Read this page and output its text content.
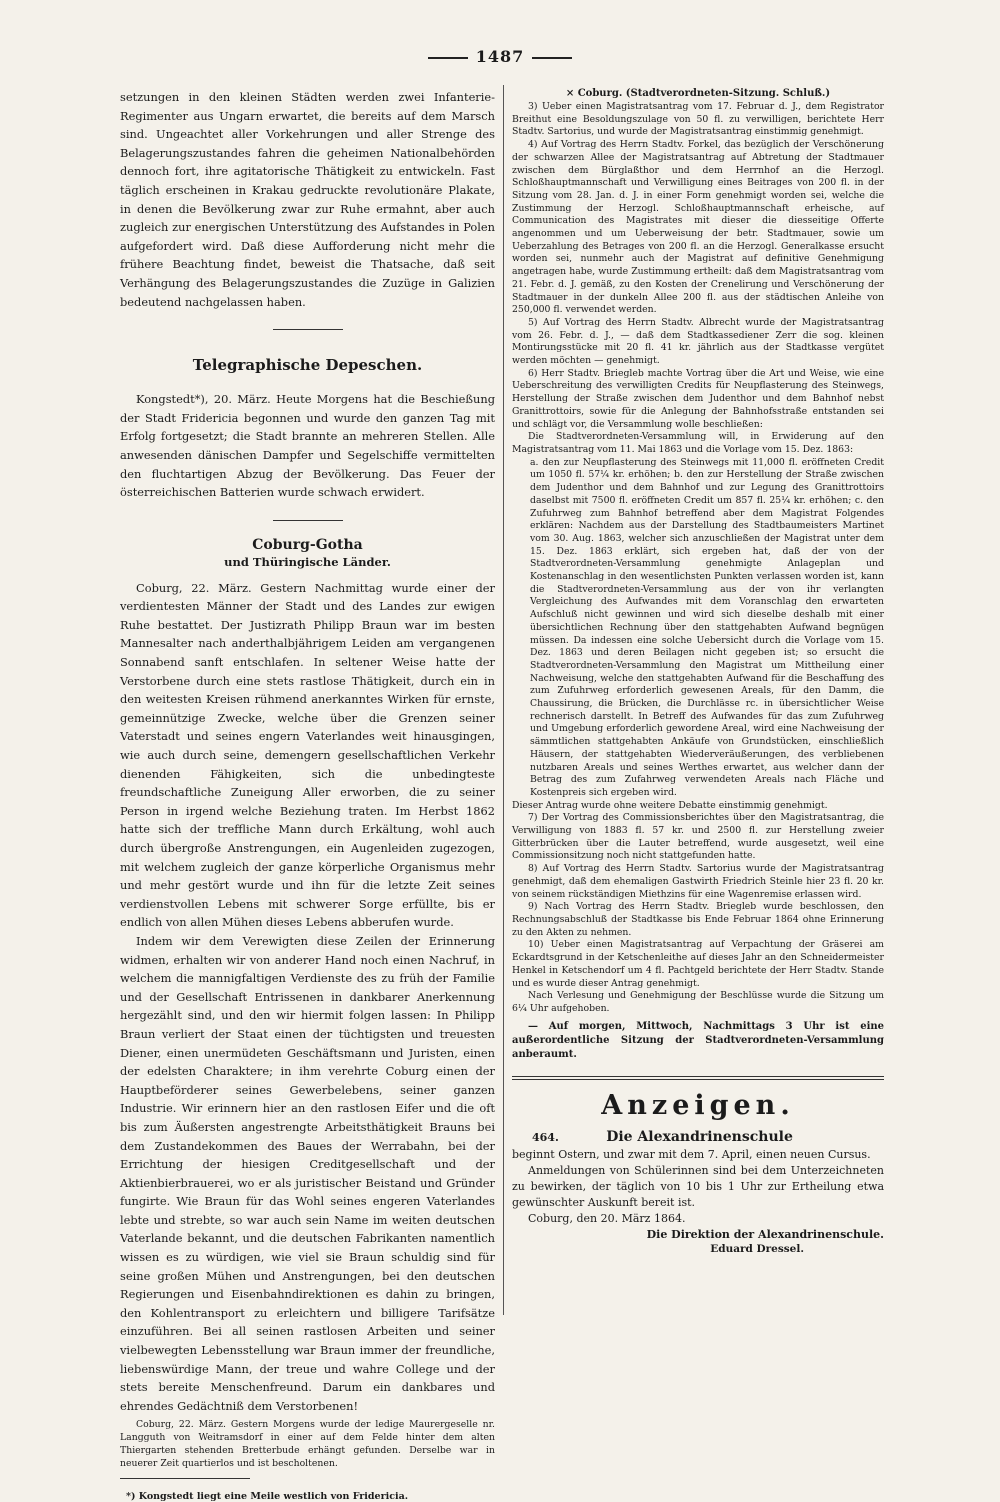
1487

setzungen in den kleinen Städten werden zwei Infanterie-Regimenter aus Ungarn erwartet, die bereits auf dem Marsch sind. Ungeachtet aller Vorkehrungen und aller Strenge des Belagerungszustandes fahren die geheimen Nationalbehörden dennoch fort, ihre agitatorische Thätigkeit zu entwickeln. Fast täglich erscheinen in Krakau gedruckte revolutionäre Plakate, in denen die Bevölkerung zwar zur Ruhe ermahnt, aber auch zugleich zur energischen Unterstützung des Aufstandes in Polen aufgefordert wird. Daß diese Aufforderung nicht mehr die frühere Beachtung findet, beweist die Thatsache, daß seit Verhängung des Belagerungszustandes die Zuzüge in Galizien bedeutend nachgelassen haben.

Telegraphische Depeschen.

Kongstedt*), 20. März. Heute Morgens hat die Beschießung der Stadt Fridericia begonnen und wurde den ganzen Tag mit Erfolg fortgesetzt; die Stadt brannte an mehreren Stellen. Alle anwesenden dänischen Dampfer und Segelschiffe vermittelten den fluchtartigen Abzug der Bevölkerung. Das Feuer der österreichischen Batterien wurde schwach erwidert.

Coburg-Gotha
und Thüringische Länder.

Coburg, 22. März. Gestern Nachmittag wurde einer der verdientesten Männer der Stadt und des Landes zur ewigen Ruhe bestattet. Der Justizrath Philipp Braun war im besten Mannesalter nach anderthalbjährigem Leiden am vergangenen Sonnabend sanft entschlafen. In seltener Weise hatte der Verstorbene durch eine stets rastlose Thätigkeit, durch ein in den weitesten Kreisen rühmend anerkanntes Wirken für ernste, gemeinnützige Zwecke, welche über die Grenzen seiner Vaterstadt und seines engern Vaterlandes weit hinausgingen, wie auch durch seine, demengern gesellschaftlichen Verkehr dienenden Fähigkeiten, sich die unbedingteste freundschaftliche Zuneigung Aller erworben, die zu seiner Person in irgend welche Beziehung traten. Im Herbst 1862 hatte sich der treffliche Mann durch Erkältung, wohl auch durch übergroße Anstrengungen, ein Augenleiden zugezogen, mit welchem zugleich der ganze körperliche Organismus mehr und mehr gestört wurde und ihn für die letzte Zeit seines verdienstvollen Lebens mit schwerer Sorge erfüllte, bis er endlich von allen Mühen dieses Lebens abberufen wurde.

Indem wir dem Verewigten diese Zeilen der Erinnerung widmen, erhalten wir von anderer Hand noch einen Nachruf, in welchem die mannigfaltigen Verdienste des zu früh der Familie und der Gesellschaft Entrissenen in dankbarer Anerkennung hergezählt sind, und den wir hiermit folgen lassen: In Philipp Braun verliert der Staat einen der tüchtigsten und treuesten Diener, einen unermüdeten Geschäftsmann und Juristen, einen der edelsten Charaktere; in ihm verehrte Coburg einen der Hauptbeförderer seines Gewerbelebens, seiner ganzen Industrie. Wir erinnern hier an den rastlosen Eifer und die oft bis zum Äußersten angestrengte Arbeitsthätigkeit Brauns bei dem Zustandekommen des Baues der Werrabahn, bei der Errichtung der hiesigen Creditgesellschaft und der Aktienbierbrauerei, wo er als juristischer Beistand und Gründer fungirte. Wie Braun für das Wohl seines engeren Vaterlandes lebte und strebte, so war auch sein Name im weiten deutschen Vaterlande bekannt, und die deutschen Fabrikanten namentlich wissen es zu würdigen, wie viel sie Braun schuldig sind für seine großen Mühen und Anstrengungen, bei den deutschen Regierungen und Eisenbahndirektionen es dahin zu bringen, den Kohlentransport zu erleichtern und billigere Tarifsätze einzuführen. Bei all seinen rastlosen Arbeiten und seiner vielbewegten Lebensstellung war Braun immer der freundliche, liebenswürdige Mann, der treue und wahre College und der stets bereite Menschenfreund. Darum ein dankbares und ehrendes Gedächtniß dem Verstorbenen!

Coburg, 22. März. Gestern Morgens wurde der ledige Maurergeselle nr. Langguth von Weitramsdorf in einer auf dem Felde hinter dem alten Thiergarten stehenden Bretterbude erhängt gefunden. Derselbe war in neuerer Zeit quartierlos und ist bescholtenen.

*) Kongstedt liegt eine Meile westlich von Fridericia.
× Coburg. (Stadtverordneten-Sitzung. Schluß.)

3) Ueber einen Magistratsantrag vom 17. Februar d. J., dem Registrator Breithut eine Besoldungszulage von 50 fl. zu verwilligen, berichtete Herr Stadtv. Sartorius, und wurde der Magistratsantrag einstimmig genehmigt.

4) Auf Vortrag des Herrn Stadtv. Forkel, das bezüglich der Verschönerung der schwarzen Allee der Magistratsantrag auf Abtretung der Stadtmauer zwischen dem Bürglaßthor und dem Herrnhof an die Herzogl. Schloßhauptmannschaft und Verwilligung eines Beitrages von 200 fl. in der Sitzung vom 28. Jan. d. J. in einer Form genehmigt worden sei, welche die Zustimmung der Herzogl. Schloßhauptmannschaft erheische, auf Communication des Magistrates mit dieser die diesseitige Offerte angenommen und um Ueberweisung der betr. Stadtmauer, sowie um Ueberzahlung des Betrages von 200 fl. an die Herzogl. Generalkasse ersucht worden sei, nunmehr auch der Magistrat auf definitive Genehmigung angetragen habe, wurde Zustimmung ertheilt: daß dem Magistratsantrag vom 21. Febr. d. J. gemäß, zu den Kosten der Crenelirung und Verschönerung der Stadtmauer in der dunkeln Allee 200 fl. aus der städtischen Anleihe von 250,000 fl. verwendet werden.

5) Auf Vortrag des Herrn Stadtv. Albrecht wurde der Magistratsantrag vom 26. Febr. d. J., — daß dem Stadtkassediener Zerr die sog. kleinen Montirungsstücke mit 20 fl. 41 kr. jährlich aus der Stadtkasse vergütet werden möchten — genehmigt.

6) Herr Stadtv. Briegleb machte Vortrag über die Art und Weise, wie eine Ueberschreitung des verwilligten Credits für Neupflasterung des Steinwegs, Herstellung der Straße zwischen dem Judenthor und dem Bahnhof nebst Granittrottoirs, sowie für die Anlegung der Bahnhofsstraße entstanden sei und schlägt vor, die Versammlung wolle beschließen:

Die Stadtverordneten-Versammlung will, in Erwiderung auf den Magistratsantrag vom 11. Mai 1863 und die Vorlage vom 15. Dez. 1863:

a. den zur Neupflasterung des Steinwegs mit 11,000 fl. eröffneten Credit um 1050 fl. 57¼ kr. erhöhen; b. den zur Herstellung der Straße zwischen dem Judenthor und dem Bahnhof und zur Legung des Granittrottoirs daselbst mit 7500 fl. eröffneten Credit um 857 fl. 25¼ kr. erhöhen; c. den Zufuhrweg zum Bahnhof betreffend aber dem Magistrat Folgendes erklären: Nachdem aus der Darstellung des Stadtbaumeisters Martinet vom 30. Aug. 1863, welcher sich anzuschließen der Magistrat unter dem 15. Dez. 1863 erklärt, sich ergeben hat, daß der von der Stadtverordneten-Versammlung genehmigte Anlageplan und Kostenanschlag in den wesentlichsten Punkten verlassen worden ist, kann die Stadtverordneten-Versammlung aus der von ihr verlangten Vergleichung des Aufwandes mit dem Voranschlag den erwarteten Aufschluß nicht gewinnen und wird sich dieselbe deshalb mit einer übersichtlichen Rechnung über den stattgehabten Aufwand begnügen müssen. Da indessen eine solche Uebersicht durch die Vorlage vom 15. Dez. 1863 und deren Beilagen nicht gegeben ist; so ersucht die Stadtverordneten-Versammlung den Magistrat um Mittheilung einer Nachweisung, welche den stattgehabten Aufwand für die Beschaffung des zum Zufuhrweg erforderlich gewesenen Areals, für den Damm, die Chaussirung, die Brücken, die Durchlässe rc. in übersichtlicher Weise rechnerisch darstellt. In Betreff des Aufwandes für das zum Zufuhrweg und Umgebung erforderlich gewordene Areal, wird eine Nachweisung der sämmtlichen stattgehabten Ankäufe von Grundstücken, einschließlich Häusern, der stattgehabten Wiederveräußerungen, des verbliebenen nutzbaren Areals und seines Werthes erwartet, aus welcher dann der Betrag des zum Zufahrweg verwendeten Areals nach Fläche und Kostenpreis sich ergeben wird.

Dieser Antrag wurde ohne weitere Debatte einstimmig genehmigt.

7) Der Vortrag des Commissionsberichtes über den Magistratsantrag, die Verwilligung von 1883 fl. 57 kr. und 2500 fl. zur Herstellung zweier Gitterbrücken über die Lauter betreffend, wurde ausgesetzt, weil eine Commissionsitzung noch nicht stattgefunden hatte.

8) Auf Vortrag des Herrn Stadtv. Sartorius wurde der Magistratsantrag genehmigt, daß dem ehemaligen Gastwirth Friedrich Steinle hier 23 fl. 20 kr. von seinem rückständigen Miethzins für eine Wagenremise erlassen wird.

9) Nach Vortrag des Herrn Stadtv. Briegleb wurde beschlossen, den Rechnungsabschluß der Stadtkasse bis Ende Februar 1864 ohne Erinnerung zu den Akten zu nehmen.

10) Ueber einen Magistratsantrag auf Verpachtung der Gräserei am Eckardtsgrund in der Ketschenleithe auf dieses Jahr an den Schneidermeister Henkel in Ketschendorf um 4 fl. Pachtgeld berichtete der Herr Stadtv. Stande und es wurde dieser Antrag genehmigt.

Nach Verlesung und Genehmigung der Beschlüsse wurde die Sitzung um 6¼ Uhr aufgehoben.

— Auf morgen, Mittwoch, Nachmittags 3 Uhr ist eine außerordentliche Sitzung der Stadtverordneten-Versammlung anberaumt.

Anzeigen.
464.	Die Alexandrinenschule

beginnt Ostern, und zwar mit dem 7. April, einen neuen Cursus.

Anmeldungen von Schülerinnen sind bei dem Unterzeichneten zu bewirken, der täglich von 10 bis 1 Uhr zur Ertheilung etwa gewünschter Auskunft bereit ist.

Coburg, den 20. März 1864.

Die Direktion der Alexandrinenschule.
Eduard Dressel.
